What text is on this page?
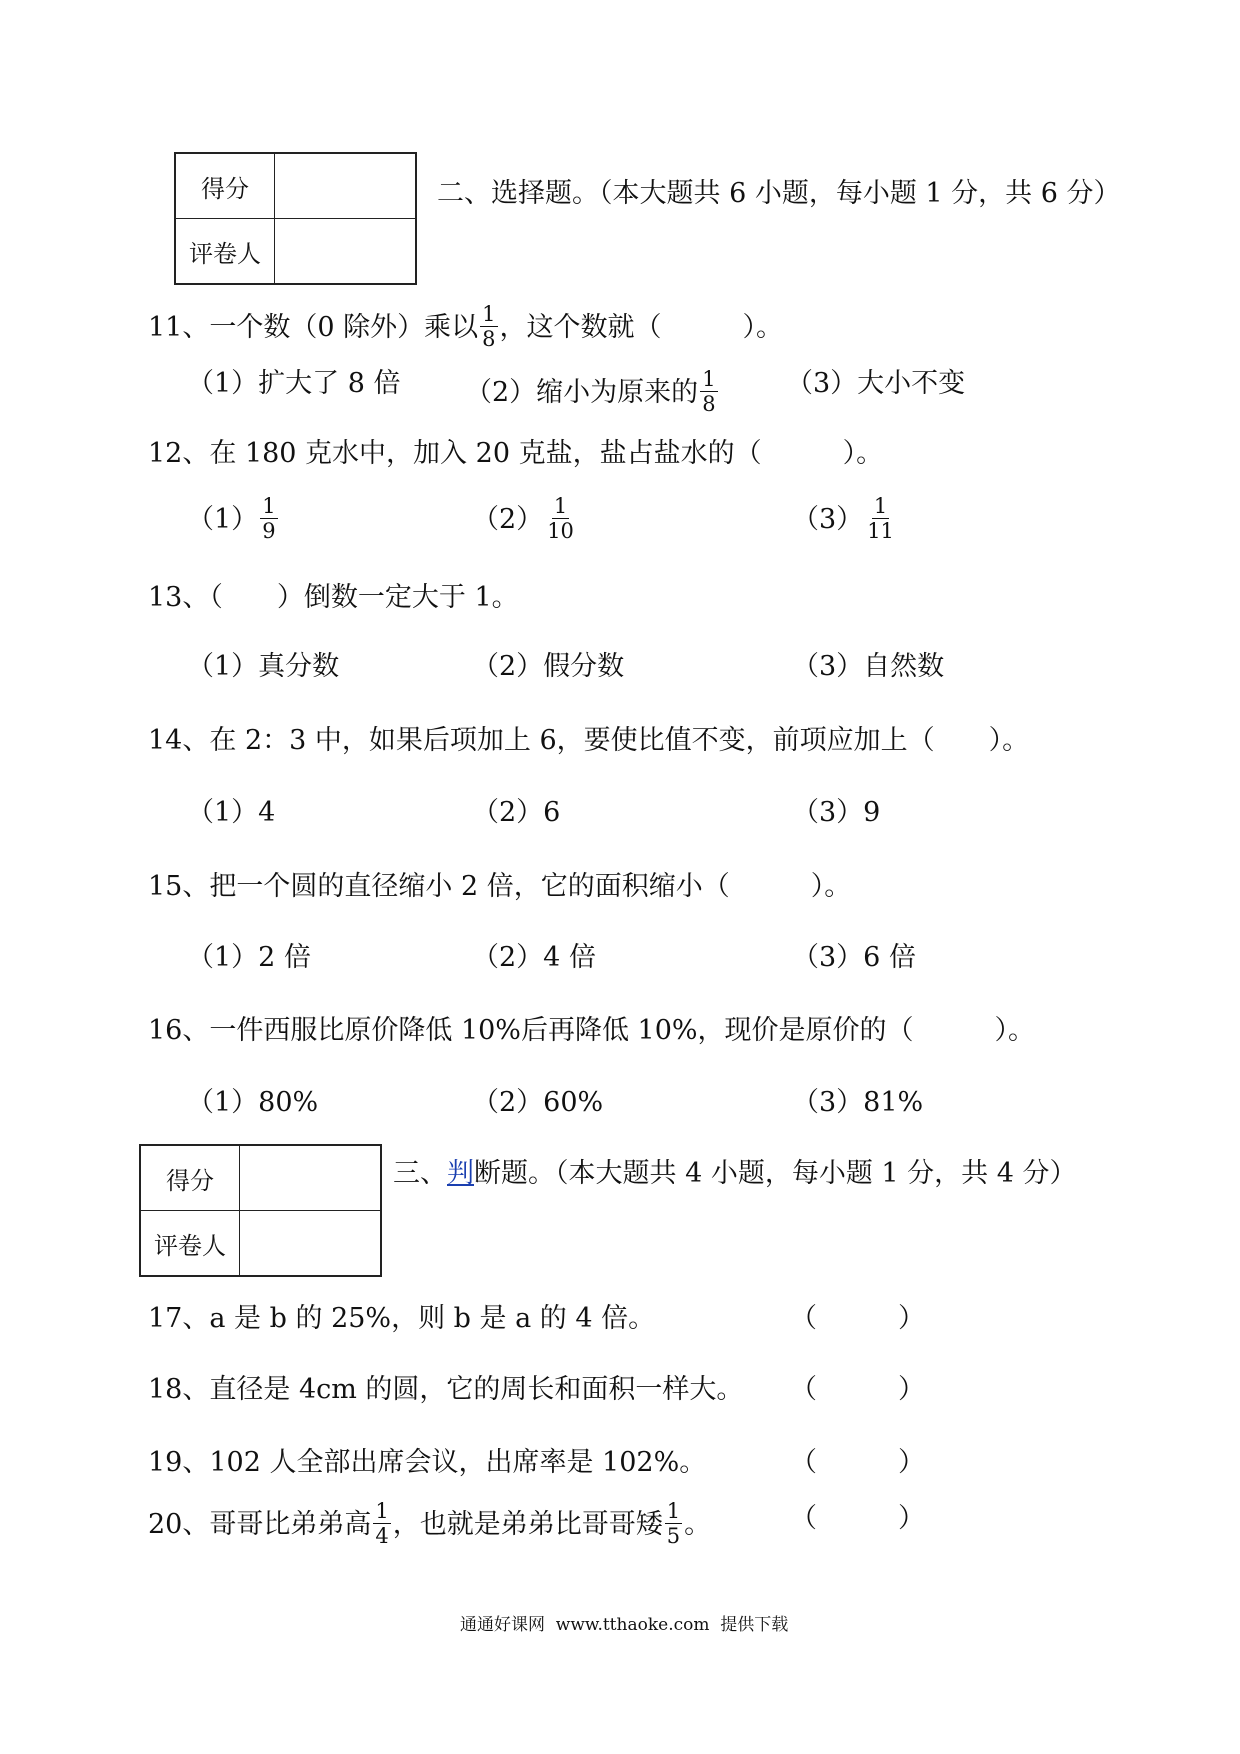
得分	
评卷人	
二、选择题。（本大题共 6 小题，每小题 1 分，共 6 分）
11、一个数（0 除外）乘以 $\frac{1}{8}$ ，这个数就（　　　）。
（1）扩大了 8 倍 （2）缩小为原来的 $\frac{1}{8}$	（3）大小不变
12、在 180 克水中，加入 20 克盐，盐占盐水的（　　　）。
$(1) \frac{1}{9}$	$(2) \frac{1}{10}$	$(3) \frac{1}{11}$
13、（　　）倒数一定大于 1。
（1）真分数	（2）假分数	（3）自然数
14、在 2：3 中，如果后项加上 6，要使比值不变，前项应加上（　　）。
（1）4	（2）6	（3）9
15、把一个圆的直径缩小 2 倍，它的面积缩小（　　　）。
（1）2 倍	（2）4 倍	（3）6 倍
16、一件西服比原价降低 10%后再降低 10%，现价是原价的（　　　）。
（1）80%	（2）60%	（3）81%
得分	
评卷人	
三、判断题。（本大题共 4 小题，每小题 1 分，共 4 分）
17、a 是 b 的 25%，则 b 是 a 的 4 倍。	（　　　）
18、直径是 4cm 的圆，它的周长和面积一样大。 （　　　）
19、102 人全部出席会议，出席率是 102%。	（　　　）
20、哥哥比弟弟高 $\frac{1}{4}$ ，也就是弟弟比哥哥矮 $\frac{1}{5}$ 。	（　　　）
通通好课网  www.tthaoke.com  提供下载
